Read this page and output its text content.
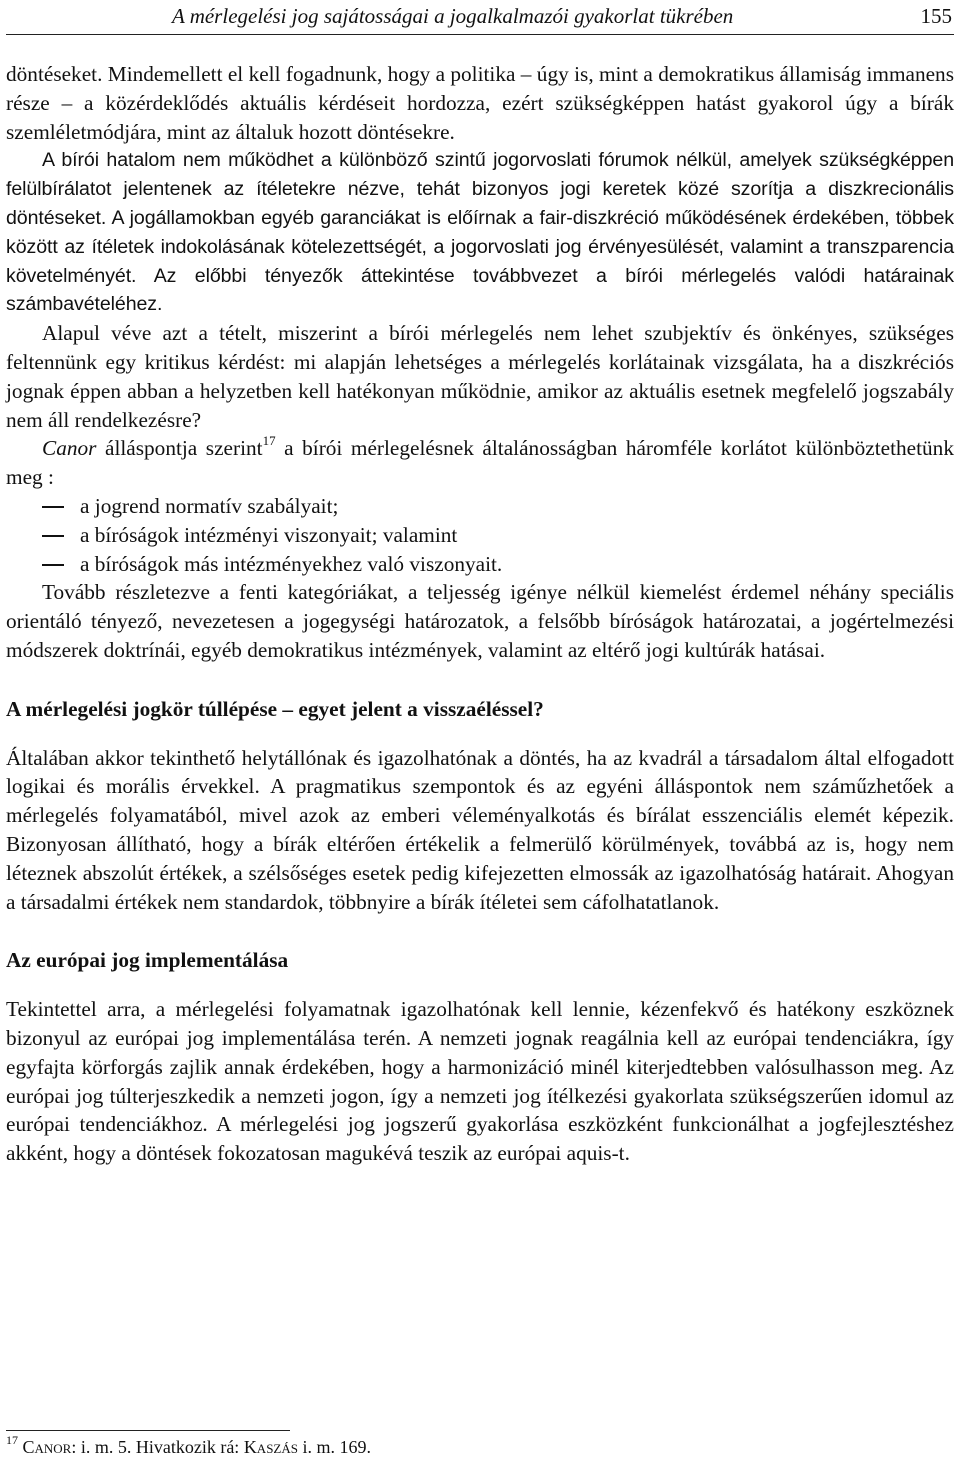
A mérlegelési jog sajátosságai a jogalkalmazói gyakorlat tükrében	155

döntéseket. Mindemellett el kell fogadnunk, hogy a politika – úgy is, mint a demokratikus államiság immanens része – a közérdeklődés aktuális kérdéseit hordozza, ezért szükségképpen hatást gyakorol úgy a bírák szemléletmódjára, mint az általuk hozott döntésekre.

A bírói hatalom nem működhet a különböző szintű jogorvoslati fórumok nélkül, amelyek szükségképpen felülbírálatot jelentenek az ítéletekre nézve, tehát bizonyos jogi keretek közé szorítja a diszkrecionális döntéseket. A jogállamokban egyéb garanciákat is előírnak a fair-diszkréció működésének érdekében, többek között az ítéletek indokolásának kötelezettségét, a jogorvoslati jog érvényesülését, valamint a transzparencia követelményét. Az előbbi tényezők áttekintése továbbvezet a bírói mérlegelés valódi határainak számbavételéhez.

Alapul véve azt a tételt, miszerint a bírói mérlegelés nem lehet szubjektív és önkényes, szükséges feltennünk egy kritikus kérdést: mi alapján lehetséges a mérlegelés korlátainak vizsgálata, ha a diszkréciós jognak éppen abban a helyzetben kell hatékonyan működnie, amikor az aktuális esetnek megfelelő jogszabály nem áll rendelkezésre?

Canor álláspontja szerint$^{17}$ a bírói mérlegelésnek általánosságban háromféle korlátot különböztethetünk meg :

a jogrend normatív szabályait;
a bíróságok intézményi viszonyait; valamint
a bíróságok más intézményekhez való viszonyait.

Tovább részletezve a fenti kategóriákat, a teljesség igénye nélkül kiemelést érdemel néhány speciális orientáló tényező, nevezetesen a jogegységi határozatok, a felsőbb bíróságok határozatai, a jogértelmezési módszerek doktrínái, egyéb demokratikus intézmények, valamint az eltérő jogi kultúrák hatásai.

A mérlegelési jogkör túllépése – egyet jelent a visszaéléssel?

Általában akkor tekinthető helytállónak és igazolhatónak a döntés, ha az kvadrál a társadalom által elfogadott logikai és morális érvekkel. A pragmatikus szempontok és az egyéni álláspontok nem száműzhetőek a mérlegelés folyamatából, mivel azok az emberi véleményalkotás és bírálat esszenciális elemét képezik. Bizonyosan állítható, hogy a bírák eltérően értékelik a felmerülő körülmények, továbbá az is, hogy nem léteznek abszolút értékek, a szélsőséges esetek pedig kifejezetten elmossák az igazolhatóság határait. Ahogyan a társadalmi értékek nem standardok, többnyire a bírák ítéletei sem cáfolhatatlanok.

Az európai jog implementálása

Tekintettel arra, a mérlegelési folyamatnak igazolhatónak kell lennie, kézenfekvő és hatékony eszköznek bizonyul az európai jog implementálása terén. A nemzeti jognak reagálnia kell az európai tendenciákra, így egyfajta körforgás zajlik annak érdekében, hogy a harmonizáció minél kiterjedtebben valósulhasson meg. Az európai jog túlterjeszkedik a nemzeti jogon, így a nemzeti jog ítélkezési gyakorlata szükségszerűen idomul az európai tendenciákhoz. A mérlegelési jog jogszerű gyakorlása eszközként funkcionálhat a jogfejlesztéshez akként, hogy a döntések fokozatosan magukévá teszik az európai aquis-t.

$^{17}$ Canor: i. m. 5. Hivatkozik rá: Kaszás i. m. 169.
